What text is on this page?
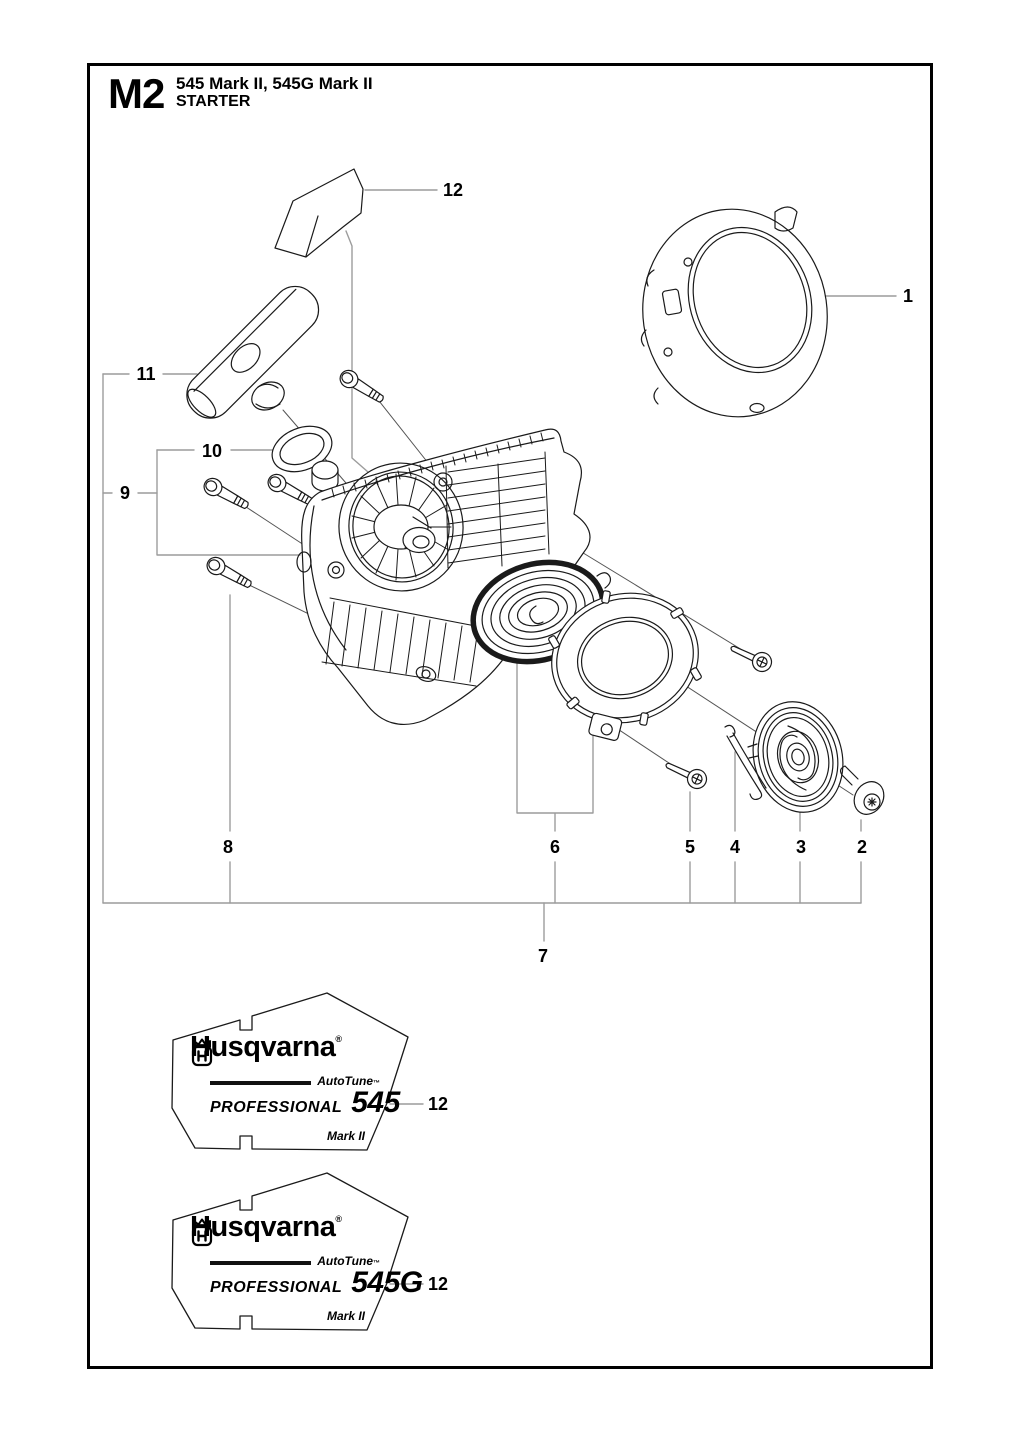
M2 545 Mark II, 545G Mark II
STARTER
12
1
11
10
9
8	6	5 4	3	2
7
12
12
Husqvarna ®
AutoTune ™
PROFESSIONAL 545
Mark II
Husqvarna ®
AutoTune ™
PROFESSIONAL 545G
Mark II
